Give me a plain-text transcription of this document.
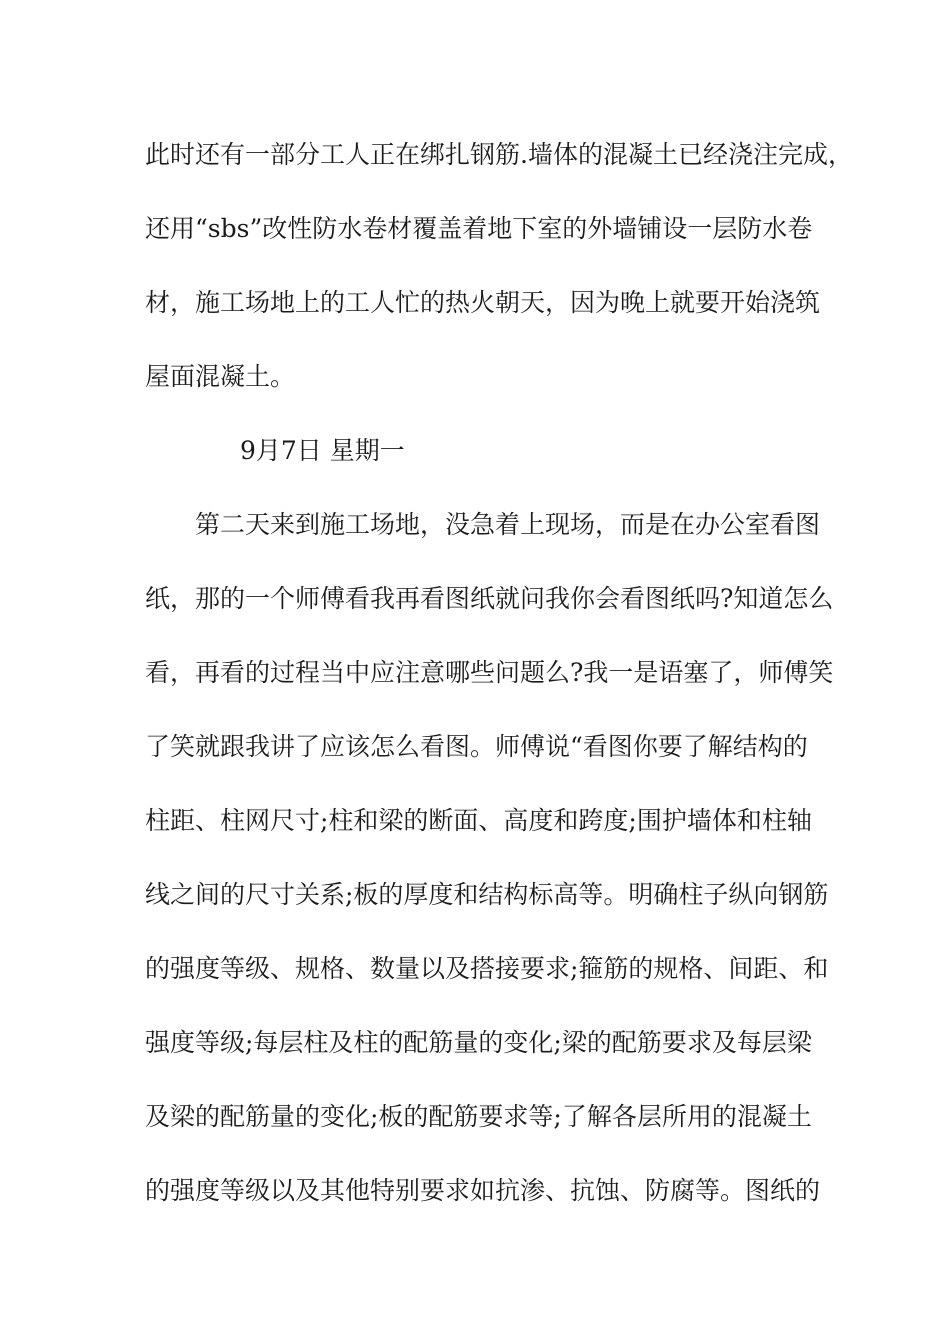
此时还有一部分工人正在绑扎钢筋.墙体的混凝土已经浇注完成，

还用“sbs”改性防水卷材覆盖着地下室的外墙铺设一层防水卷

材，施工场地上的工人忙的热火朝天，因为晚上就要开始浇筑

屋面混凝土。

9月7日 星期一

第二天来到施工场地，没急着上现场，而是在办公室看图

纸，那的一个师傅看我再看图纸就问我你会看图纸吗?知道怎么

看，再看的过程当中应注意哪些问题么?我一是语塞了，师傅笑

了笑就跟我讲了应该怎么看图。师傅说“看图你要了解结构的

柱距、柱网尺寸;柱和梁的断面、高度和跨度;围护墙体和柱轴

线之间的尺寸关系;板的厚度和结构标高等。明确柱子纵向钢筋

的强度等级、规格、数量以及搭接要求;箍筋的规格、间距、和

强度等级;每层柱及柱的配筋量的变化;梁的配筋要求及每层梁

及梁的配筋量的变化;板的配筋要求等;了解各层所用的混凝土

的强度等级以及其他特别要求如抗渗、抗蚀、防腐等。图纸的
